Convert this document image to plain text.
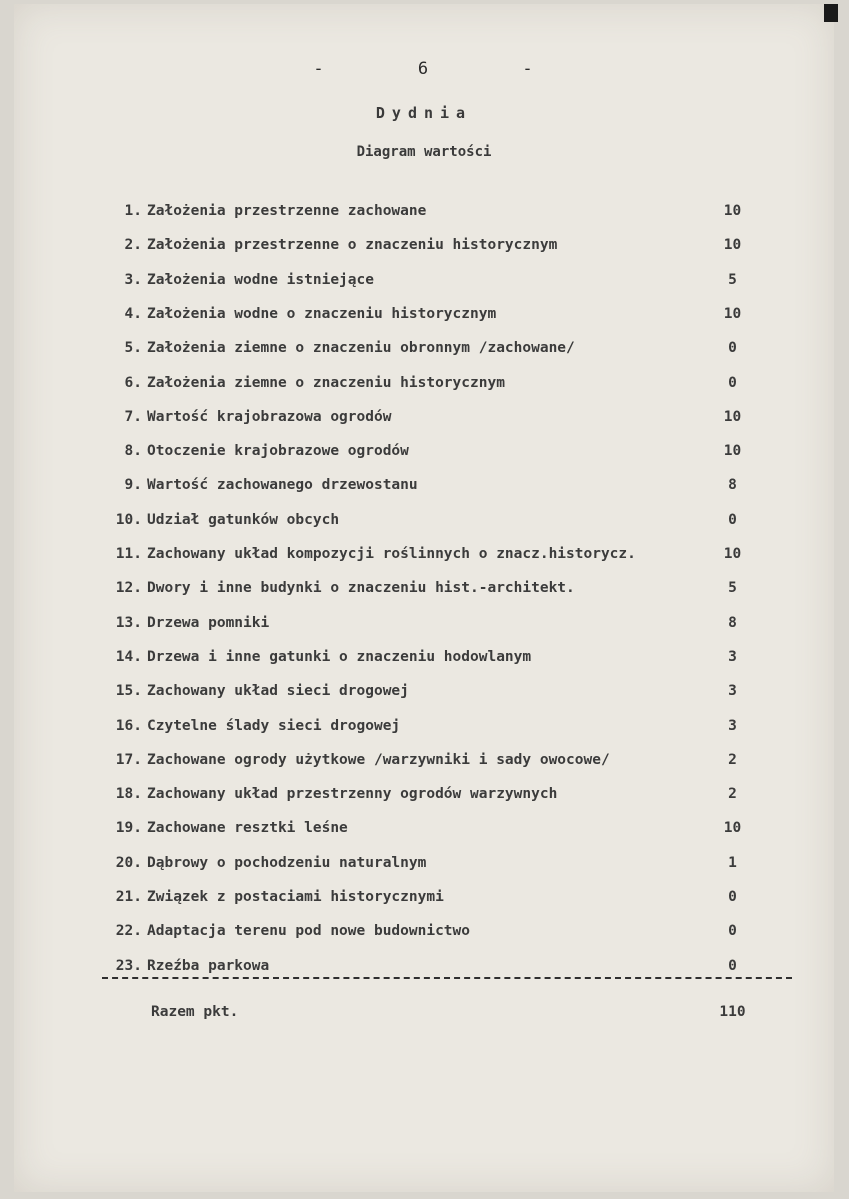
-	6	-
Dydnia
Diagram wartości
1. Założenia przestrzenne zachowane	10
2. Założenia przestrzenne o znaczeniu historycznym	10
3. Założenia wodne istniejące	5
4. Założenia wodne o znaczeniu historycznym	10
5. Założenia ziemne o znaczeniu obronnym /zachowane/	0
6. Założenia ziemne o znaczeniu historycznym	0
7. Wartość krajobrazowa ogrodów	10
8. Otoczenie krajobrazowe ogrodów	10
9. Wartość zachowanego drzewostanu	8
10. Udział gatunków obcych	0
11. Zachowany układ kompozycji roślinnych o znacz.historycz.	10
12. Dwory i inne budynki o znaczeniu hist.-architekt.	5
13. Drzewa pomniki	8
14. Drzewa i inne gatunki o znaczeniu hodowlanym	3
15. Zachowany układ sieci drogowej	3
16. Czytelne ślady sieci drogowej	3
17. Zachowane ogrody użytkowe /warzywniki i sady owocowe/	2
18. Zachowany układ przestrzenny ogrodów warzywnych	2
19. Zachowane resztki leśne	10
20. Dąbrowy o pochodzeniu naturalnym	1
21. Związek z postaciami historycznymi	0
22. Adaptacja terenu pod nowe budownictwo	0
23. Rzeźba parkowa	0
Razem pkt.	110
